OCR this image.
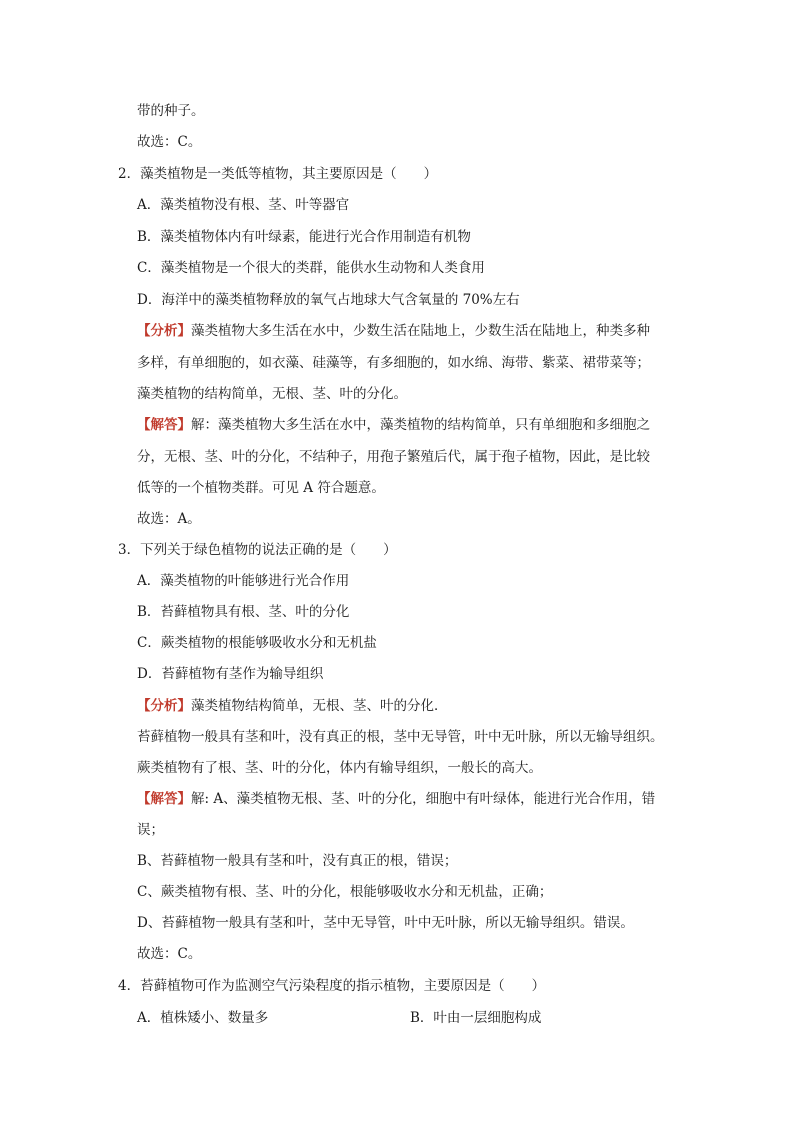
带的种子。
故选：C。
2．藻类植物是一类低等植物，其主要原因是（　　）
A．藻类植物没有根、茎、叶等器官
B．藻类植物体内有叶绿素，能进行光合作用制造有机物
C．藻类植物是一个很大的类群，能供水生动物和人类食用
D．海洋中的藻类植物释放的氧气占地球大气含氧量的 70%左右
【分析】藻类植物大多生活在水中，少数生活在陆地上，少数生活在陆地上，种类多种
多样，有单细胞的，如衣藻、硅藻等，有多细胞的，如水绵、海带、紫菜、裙带菜等；
藻类植物的结构简单，无根、茎、叶的分化。
【解答】解：藻类植物大多生活在水中，藻类植物的结构简单，只有单细胞和多细胞之
分，无根、茎、叶的分化，不结种子，用孢子繁殖后代，属于孢子植物，因此，是比较
低等的一个植物类群。可见 A 符合题意。
故选：A。
3．下列关于绿色植物的说法正确的是（　　）
A．藻类植物的叶能够进行光合作用
B．苔藓植物具有根、茎、叶的分化
C．蕨类植物的根能够吸收水分和无机盐
D．苔藓植物有茎作为输导组织
【分析】藻类植物结构简单，无根、茎、叶的分化．
苔藓植物一般具有茎和叶，没有真正的根，茎中无导管，叶中无叶脉，所以无输导组织。
蕨类植物有了根、茎、叶的分化，体内有输导组织，一般长的高大。
【解答】解: A、藻类植物无根、茎、叶的分化，细胞中有叶绿体，能进行光合作用，错
误；
B、苔藓植物一般具有茎和叶，没有真正的根，错误；
C、蕨类植物有根、茎、叶的分化，根能够吸收水分和无机盐，正确；
D、苔藓植物一般具有茎和叶，茎中无导管，叶中无叶脉，所以无输导组织。错误。
故选：C。
4．苔藓植物可作为监测空气污染程度的指示植物，主要原因是（　　）
A．植株矮小、数量多	B．叶由一层细胞构成
